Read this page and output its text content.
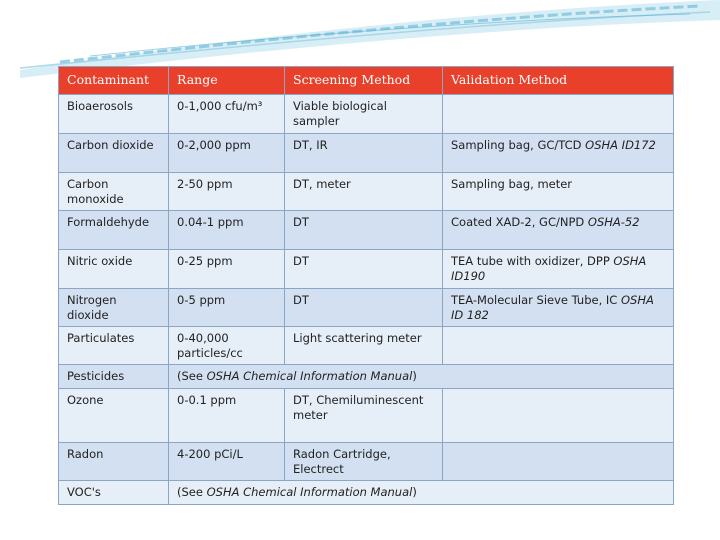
Contaminant	Range	Screening Method	Validation Method
Bioaerosols	0-1,000 cfu/m³	Viable biological sampler	
Carbon dioxide	0-2,000 ppm	DT, IR	Sampling bag, GC/TCD OSHA ID172
Carbon monoxide	2-50 ppm	DT, meter	Sampling bag, meter
Formaldehyde	0.04-1 ppm	DT	Coated XAD-2, GC/NPD OSHA-52
Nitric oxide	0-25 ppm	DT	TEA tube with oxidizer, DPP OSHA ID190
Nitrogen dioxide	0-5 ppm	DT	TEA-Molecular Sieve Tube, IC OSHA ID 182
Particulates	0-40,000 particles/cc	Light scattering meter	
Pesticides	(See OSHA Chemical Information Manual)		
Ozone	0-0.1 ppm	DT, Chemiluminescent meter	
Radon	4-200 pCi/L	Radon Cartridge, Electrect	
VOC's	(See OSHA Chemical Information Manual)		
